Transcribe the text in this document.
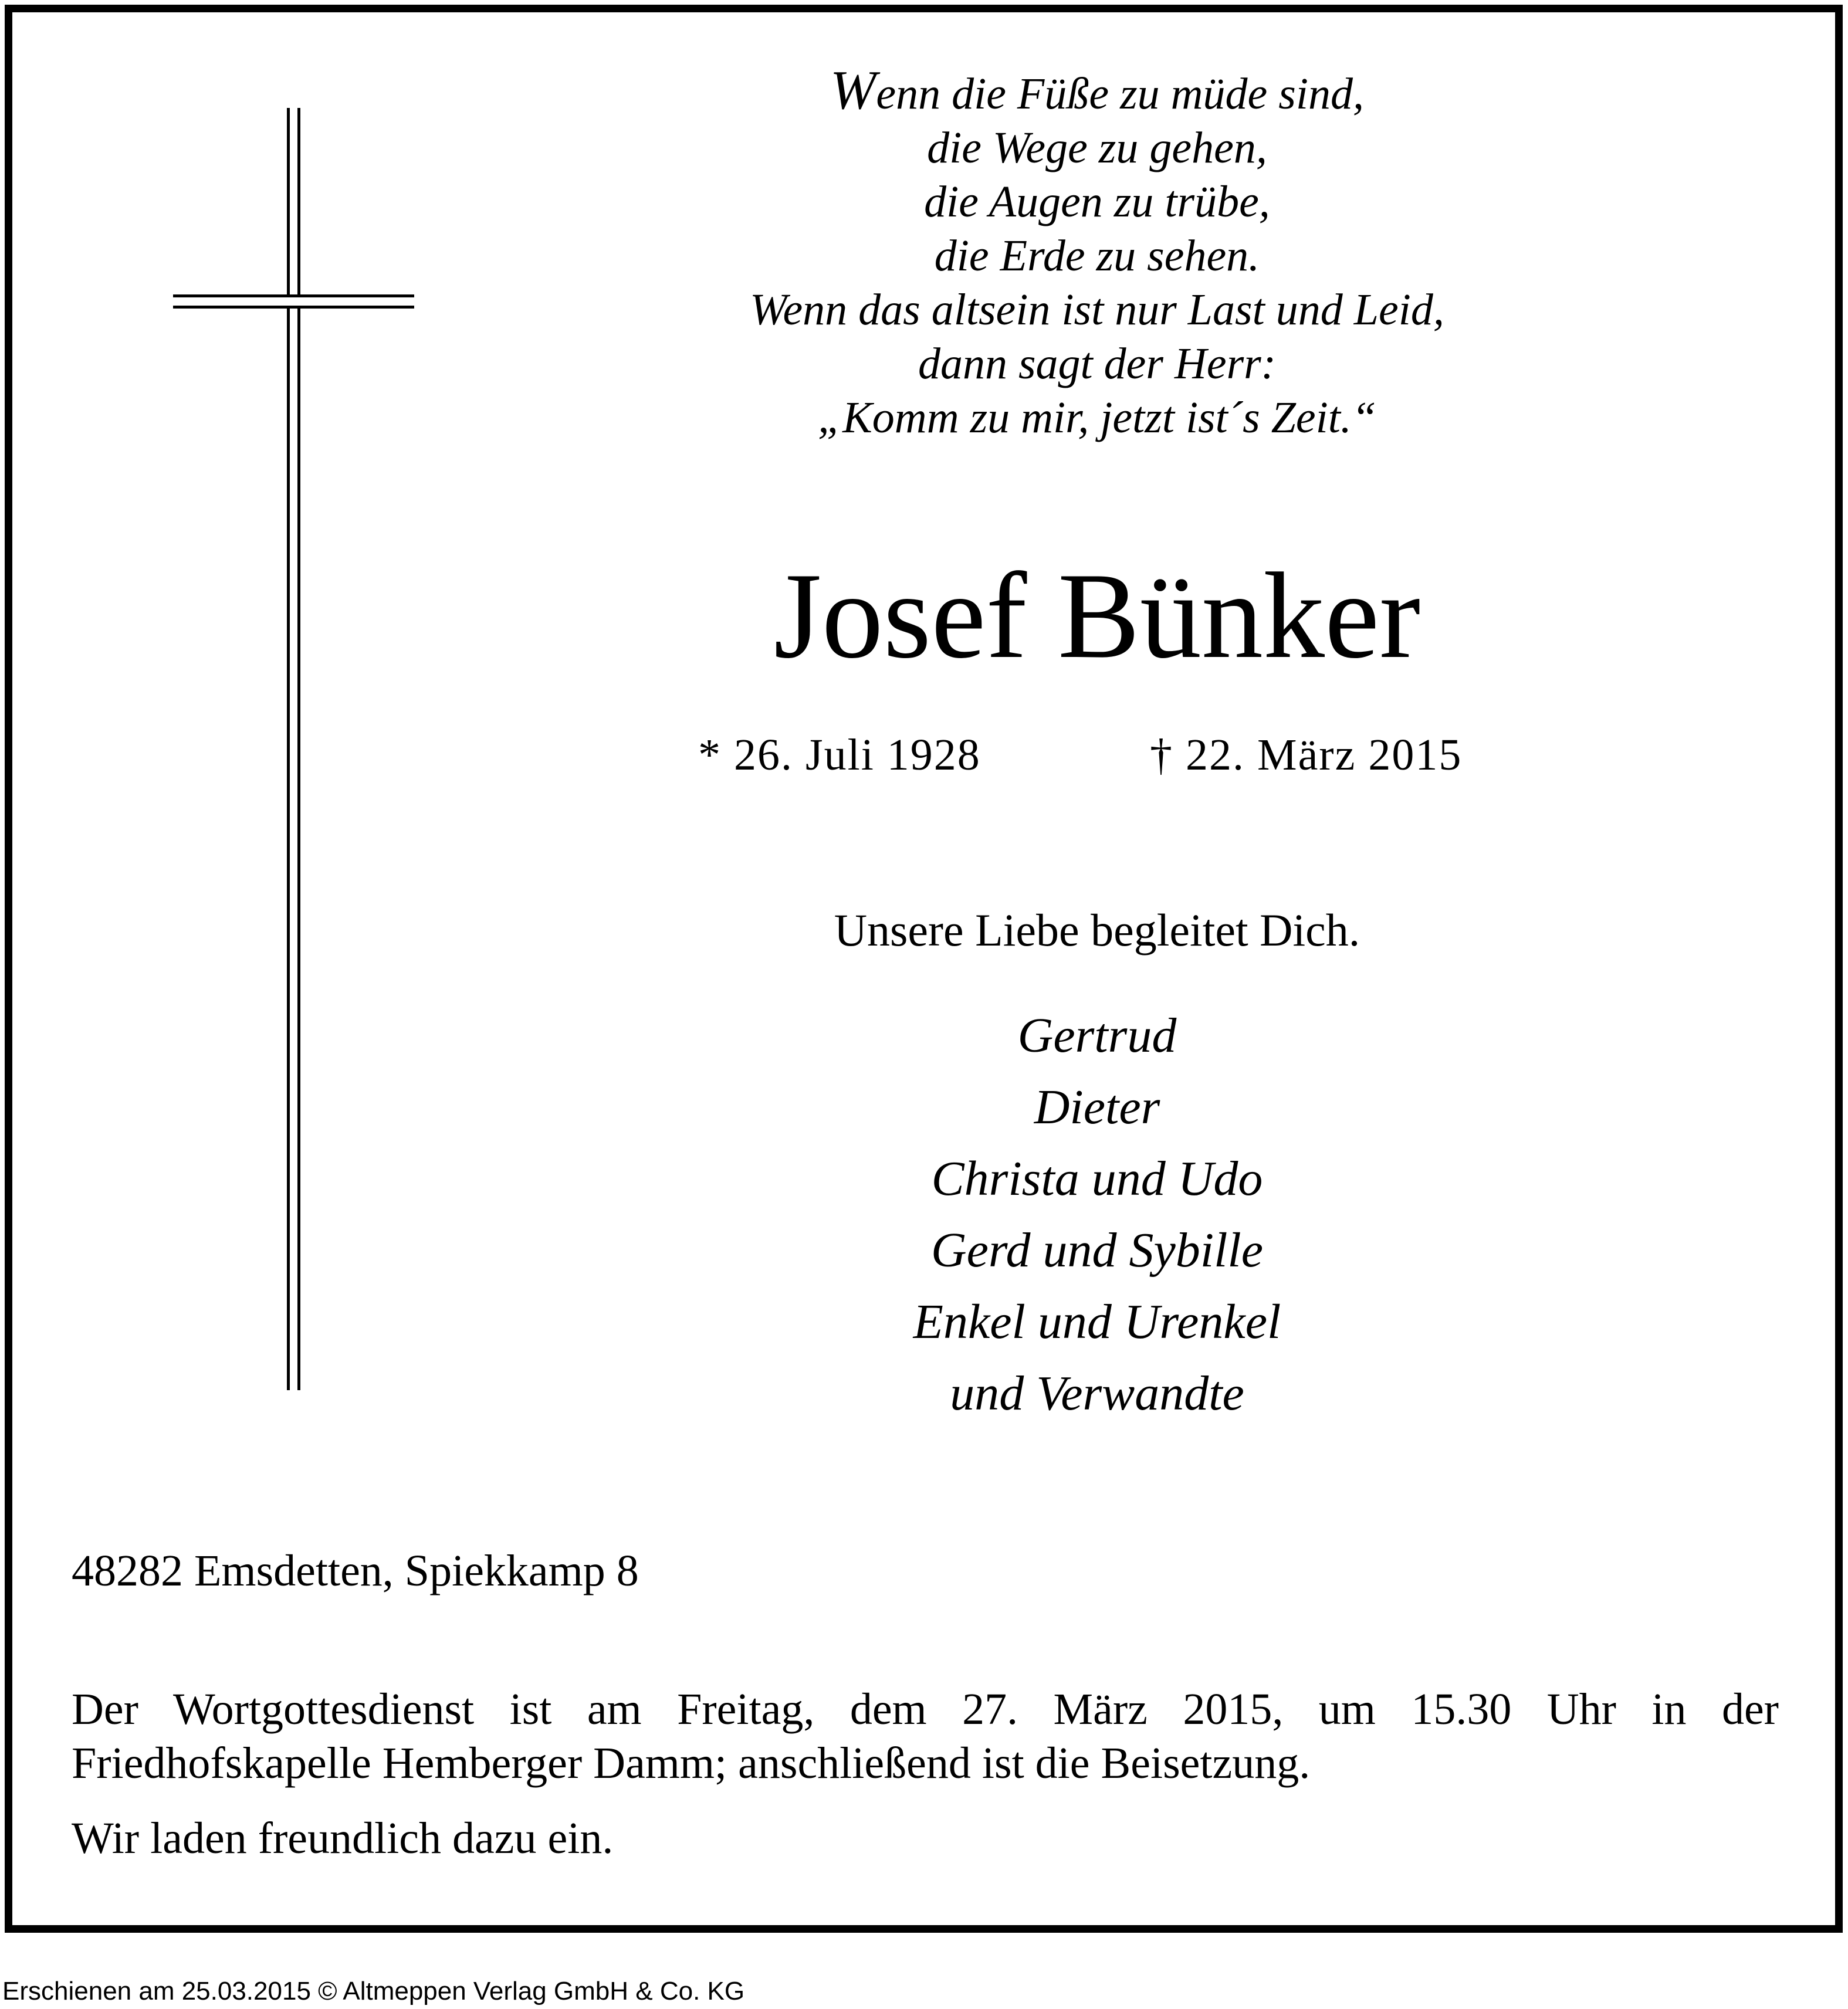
Wenn die Füße zu müde sind,
die Wege zu gehen,
die Augen zu trübe,
die Erde zu sehen.
Wenn das altsein ist nur Last und Leid,
dann sagt der Herr:
„Komm zu mir, jetzt ist´s Zeit.“
Josef Bünker
* 26. Juli 1928	† 22. März 2015
Unsere Liebe begleitet Dich.
Gertrud
Dieter
Christa und Udo
Gerd und Sybille
Enkel und Urenkel
und Verwandte
48282 Emsdetten, Spiekkamp 8
Der Wortgottesdienst ist am Freitag, dem 27. März 2015, um 15.30 Uhr in der
Friedhofskapelle Hemberger Damm; anschließend ist die Beisetzung.
Wir laden freundlich dazu ein.
Erschienen am 25.03.2015 © Altmeppen Verlag GmbH & Co. KG
